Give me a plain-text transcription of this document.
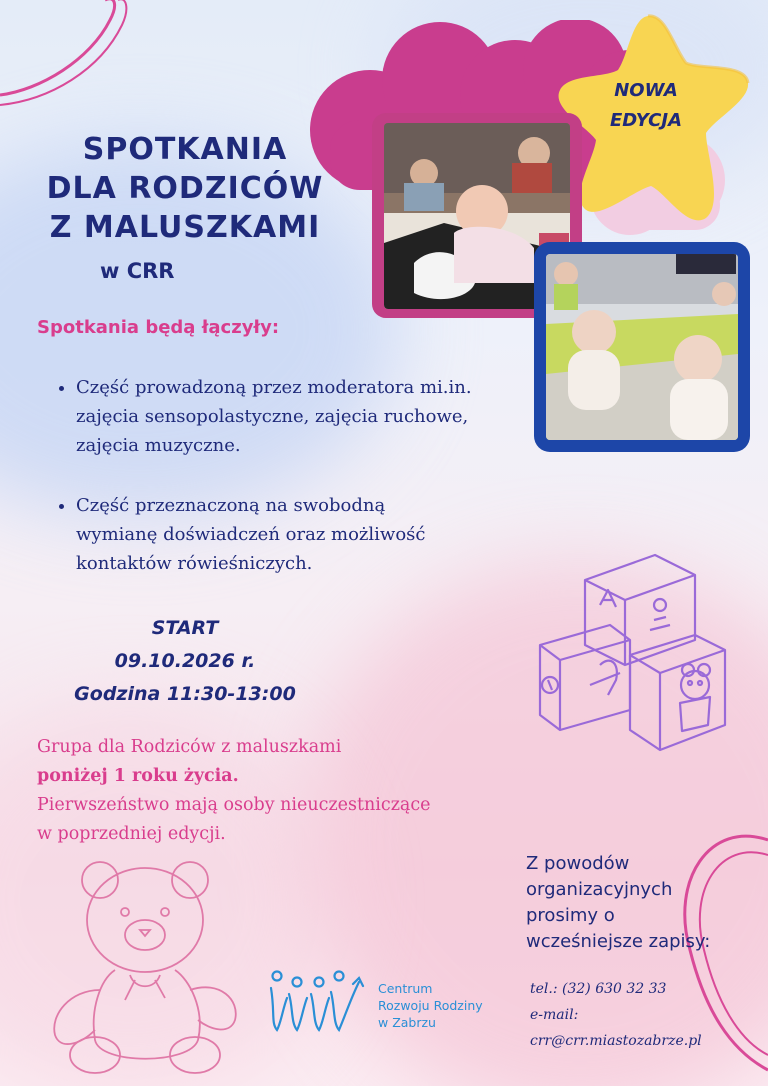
NOWA
EDYCJA
SPOTKANIA
DLA RODZICÓW
Z MALUSZKAMI
w CRR
Spotkania będą łączyły:
• Część prowadzoną przez moderatora mi.in.
zajęcia sensopolastyczne, zajęcia ruchowe,
zajęcia muzyczne.
• Część przeznaczoną na swobodną
wymianę doświadczeń oraz możliwość
kontaktów rówieśniczych.
START
09.10.2026 r.
Godzina 11:30-13:00
Grupa dla Rodziców z maluszkami
poniżej 1 roku życia.
Pierwszeństwo mają osoby nieuczestniczące
w poprzedniej edycji.
Z powodów
organizacyjnych
prosimy o
wcześniejsze zapisy:
tel.: (32) 630 32 33
e-mail:
crr@crr.miastozabrze.pl
Centrum
Rozwoju Rodziny
w Zabrzu
